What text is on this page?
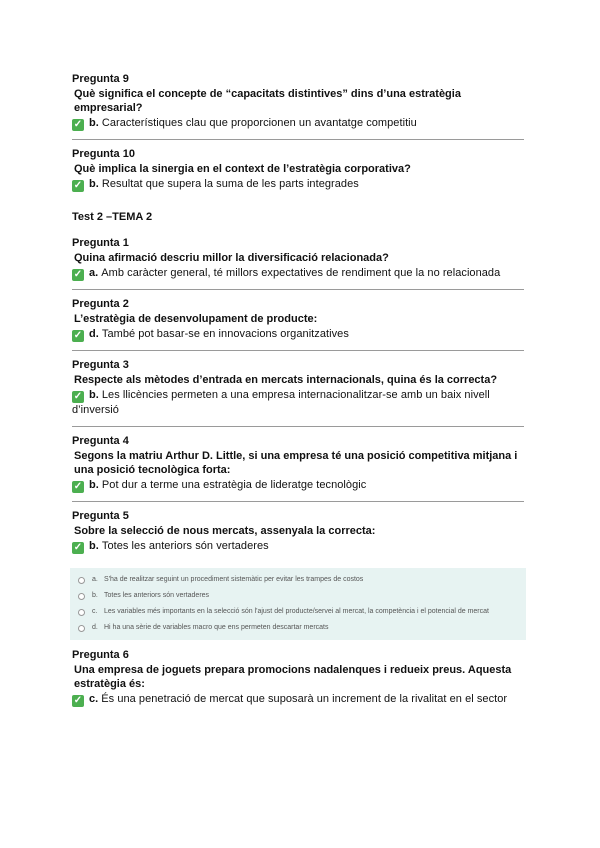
Pregunta 9

Què significa el concepte de “capacitats distintives” dins d’una estratègia empresarial?

✓ b. Característiques clau que proporcionen un avantatge competitiu

Pregunta 10

Què implica la sinergia en el context de l’estratègia corporativa?

✓ b. Resultat que supera la suma de les parts integrades

Test 2 –TEMA 2

Pregunta 1

Quina afirmació descriu millor la diversificació relacionada?

✓ a. Amb caràcter general, té millors expectatives de rendiment que la no relacionada

Pregunta 2

L’estratègia de desenvolupament de producte:

✓ d. També pot basar-se en innovacions organitzatives

Pregunta 3

Respecte als mètodes d’entrada en mercats internacionals, quina és la correcta?

✓ b. Les llicències permeten a una empresa internacionalitzar-se amb un baix nivell d’inversió

Pregunta 4

Segons la matriu Arthur D. Little, si una empresa té una posició competitiva mitjana i una posició tecnològica forta:

✓ b. Pot dur a terme una estratègia de lideratge tecnològic

Pregunta 5

Sobre la selecció de nous mercats, assenyala la correcta:

✓ b. Totes les anteriors són vertaderes

a. S'ha de realitzar seguint un procediment sistemàtic per evitar les trampes de costos
b. Totes les anteriors són vertaderes
c. Les variables més importants en la selecció són l'ajust del producte/servei al mercat, la competència i el potencial de mercat
d. Hi ha una sèrie de variables macro que ens permeten descartar mercats

Pregunta 6

Una empresa de joguets prepara promocions nadalenques i redueix preus. Aquesta estratègia és:

✓ c. És una penetració de mercat que suposarà un increment de la rivalitat en el sector
